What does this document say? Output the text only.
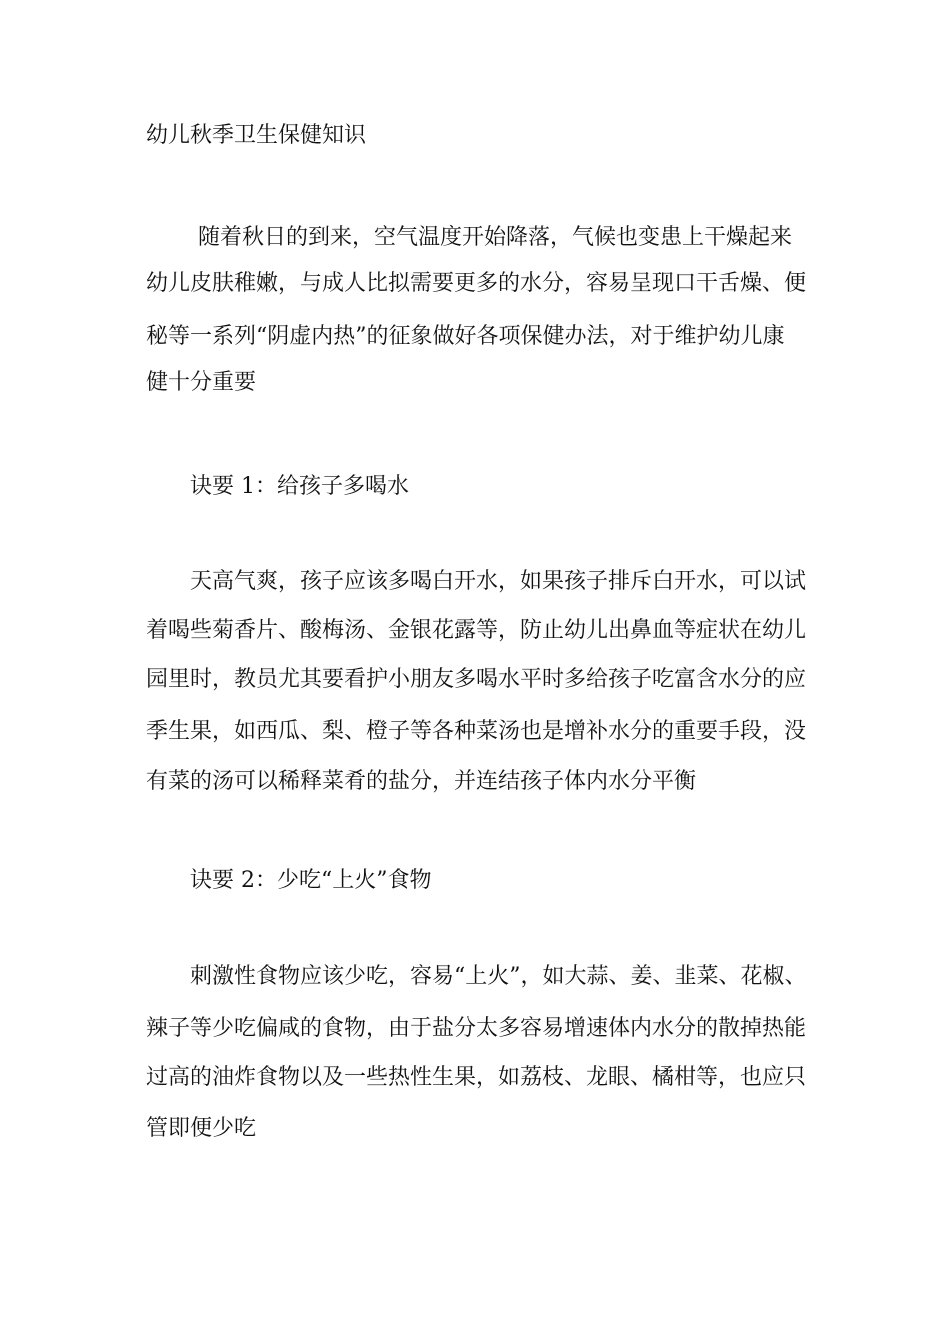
幼儿秋季卫生保健知识
随着秋日的到来，空气温度开始降落，气候也变患上干燥起来
幼儿皮肤稚嫩，与成人比拟需要更多的水分，容易呈现口干舌燥、便
秘等一系列“阴虚内热”的征象做好各项保健办法，对于维护幼儿康
健十分重要
诀要 1：给孩子多喝水
天高气爽，孩子应该多喝白开水，如果孩子排斥白开水，可以试
着喝些菊香片、酸梅汤、金银花露等，防止幼儿出鼻血等症状在幼儿
园里时，教员尤其要看护小朋友多喝水平时多给孩子吃富含水分的应
季生果，如西瓜、梨、橙子等各种菜汤也是增补水分的重要手段，没
有菜的汤可以稀释菜肴的盐分，并连结孩子体内水分平衡
诀要 2：少吃“上火”食物
刺激性食物应该少吃，容易“上火”，如大蒜、姜、韭菜、花椒、
辣子等少吃偏咸的食物，由于盐分太多容易增速体内水分的散掉热能
过高的油炸食物以及一些热性生果，如荔枝、龙眼、橘柑等，也应只
管即便少吃
